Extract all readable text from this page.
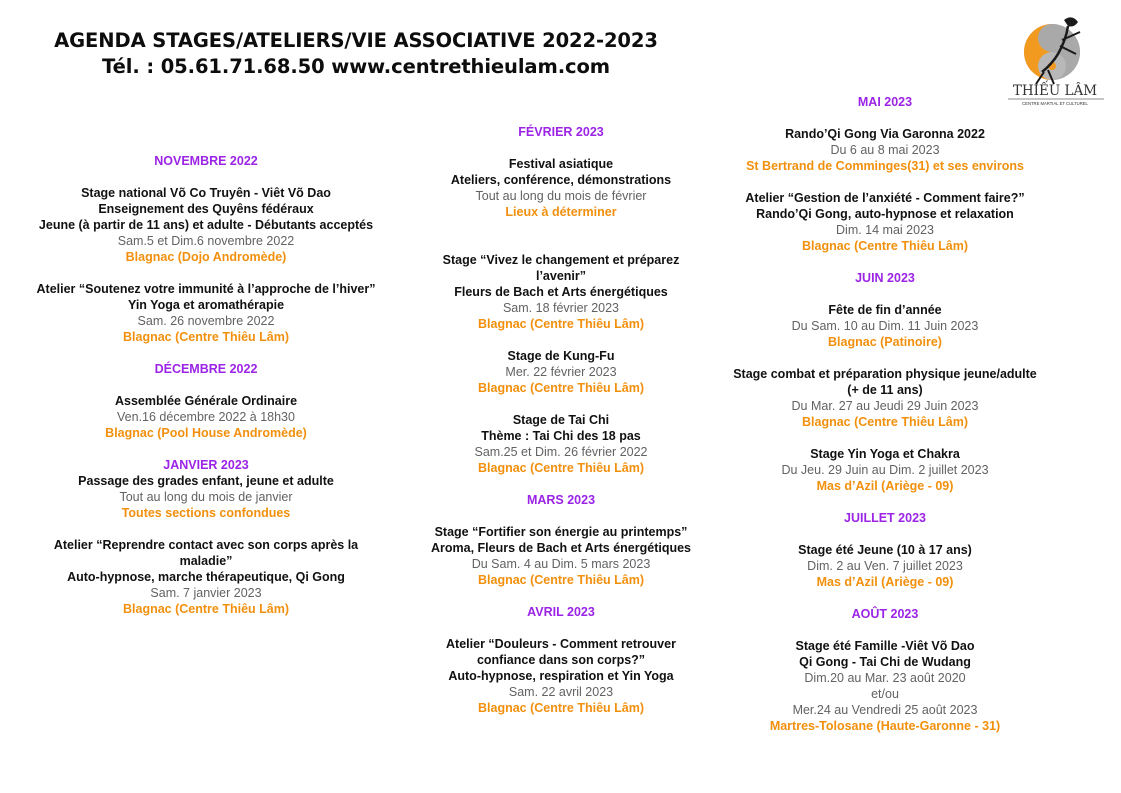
AGENDA STAGES/ATELIERS/VIE ASSOCIATIVE 2022-2023
Tél. : 05.61.71.68.50 www.centrethieulam.com
THIẾU LÂM
CENTRE MARTIAL ET CULTUREL
NOVEMBRE 2022
Stage national Võ Co Truyên - Viêt Võ Dao
Enseignement des Quyêns fédéraux
Jeune (à partir de 11 ans) et adulte - Débutants acceptés
Sam.5 et Dim.6 novembre 2022
Blagnac (Dojo Andromède)
Atelier “Soutenez votre immunité à l’approche de l’hiver”
Yin Yoga et aromathérapie
Sam. 26 novembre 2022
Blagnac (Centre Thiêu Lâm)
DÉCEMBRE 2022
Assemblée Générale Ordinaire
Ven.16 décembre 2022 à 18h30
Blagnac (Pool House Andromède)
JANVIER 2023
Passage des grades enfant, jeune et adulte
Tout au long du mois de janvier
Toutes sections confondues
Atelier “Reprendre contact avec son corps après la
maladie”
Auto-hypnose, marche thérapeutique, Qi Gong
Sam. 7 janvier 2023
Blagnac (Centre Thiêu Lâm)
FÉVRIER 2023
Festival asiatique
Ateliers, conférence, démonstrations
Tout au long du mois de février
Lieux à déterminer
Stage “Vivez le changement et préparez
l’avenir”
Fleurs de Bach et Arts énergétiques
Sam. 18 février 2023
Blagnac (Centre Thiêu Lâm)
Stage de Kung-Fu
Mer. 22 février 2023
Blagnac (Centre Thiêu Lâm)
Stage de Tai Chi
Thème : Tai Chi des 18 pas
Sam.25 et Dim. 26 février 2022
Blagnac (Centre Thiêu Lâm)
MARS 2023
Stage “Fortifier son énergie au printemps”
Aroma, Fleurs de Bach et Arts énergétiques
Du Sam. 4 au Dim. 5 mars 2023
Blagnac (Centre Thiêu Lâm)
AVRIL 2023
Atelier “Douleurs - Comment retrouver
confiance dans son corps?”
Auto-hypnose, respiration et Yin Yoga
Sam. 22 avril 2023
Blagnac (Centre Thiêu Lâm)
MAI 2023
Rando’Qi Gong Via Garonna 2022
Du 6 au 8 mai 2023
St Bertrand de Comminges(31) et ses environs
Atelier “Gestion de l’anxiété - Comment faire?”
Rando’Qi Gong, auto-hypnose et relaxation
Dim. 14 mai 2023
Blagnac (Centre Thiêu Lâm)
JUIN 2023
Fête de fin d’année
Du Sam. 10 au Dim. 11 Juin 2023
Blagnac (Patinoire)
Stage combat et préparation physique jeune/adulte
(+ de 11 ans)
Du Mar. 27 au Jeudi 29 Juin 2023
Blagnac (Centre Thiêu Lâm)
Stage Yin Yoga et Chakra
Du Jeu. 29 Juin au Dim. 2 juillet 2023
Mas d’Azil (Ariège - 09)
JUILLET 2023
Stage été Jeune (10 à 17 ans)
Dim. 2 au Ven. 7 juillet 2023
Mas d’Azil (Ariège - 09)
AOÛT 2023
Stage été Famille -Viêt Võ Dao
Qi Gong - Tai Chi de Wudang
Dim.20 au Mar. 23 août 2020
et/ou
Mer.24 au Vendredi 25 août 2023
Martres-Tolosane (Haute-Garonne - 31)
